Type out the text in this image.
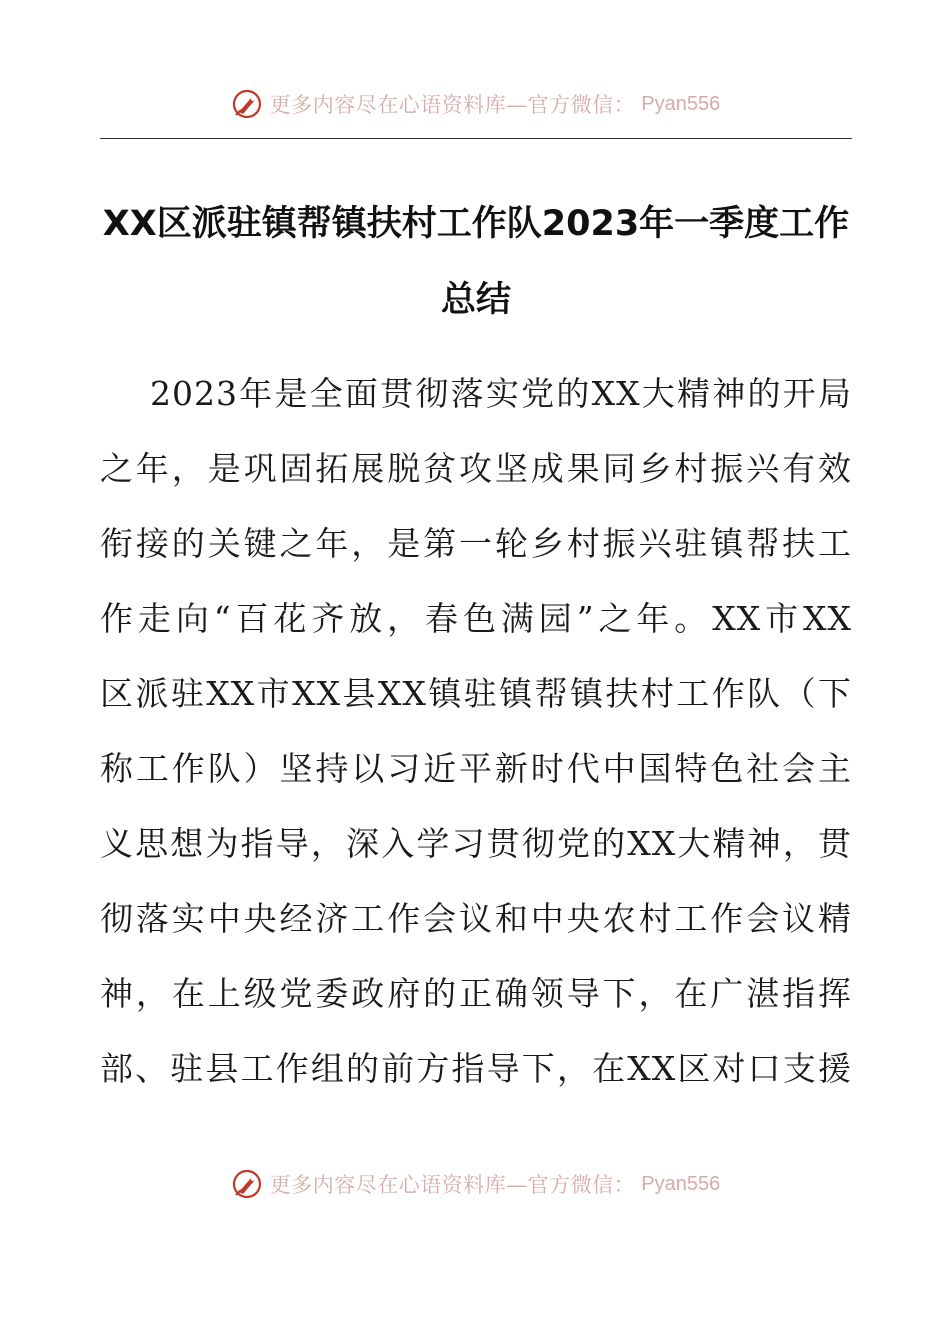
更多内容尽在心语资料库—官方微信： Pyan556
XX区派驻镇帮镇扶村工作队2023年一季度工作
总结
2023年是全面贯彻落实党的XX大精神的开局
之年，是巩固拓展脱贫攻坚成果同乡村振兴有效
衔接的关键之年，是第一轮乡村振兴驻镇帮扶工
作走向“百花齐放，春色满园”之年。XX市XX
区派驻XX市XX县XX镇驻镇帮镇扶村工作队（下
称工作队）坚持以习近平新时代中国特色社会主
义思想为指导，深入学习贯彻党的XX大精神，贯
彻落实中央经济工作会议和中央农村工作会议精
神，在上级党委政府的正确领导下，在广湛指挥
部、驻县工作组的前方指导下，在XX区对口支援
更多内容尽在心语资料库—官方微信： Pyan556
